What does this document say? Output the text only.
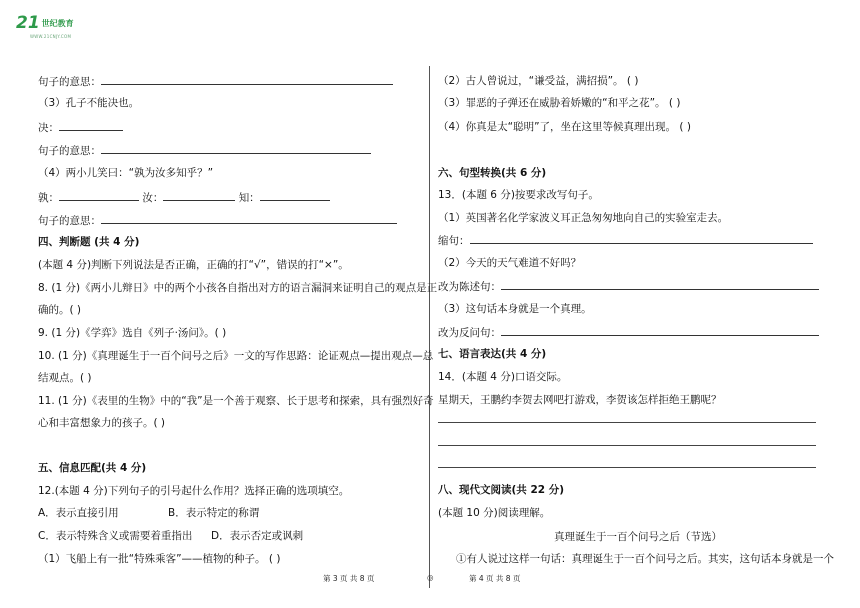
21 世纪教育
WWW.21CNJY.COM
句子的意思：
（3）孔子不能决也。
决：
句子的意思：
（4）两小儿笑曰：“孰为汝多知乎？”
孰：	汝：	知：
句子的意思：
四、判断题 (共 4 分)
(本题 4 分)判断下列说法是否正确，正确的打“√”，错误的打“×”。
8. (1 分)《两小儿辩日》中的两个小孩各自指出对方的语言漏洞来证明自己的观点是正
确的。( )
9. (1 分)《学弈》选自《列子·汤问》。( )
10. (1 分)《真理诞生于一百个问号之后》一文的写作思路：论证观点—提出观点—总
结观点。( )
11. (1 分)《表里的生物》中的“我”是一个善于观察、长于思考和探索，具有强烈好奇
心和丰富想象力的孩子。( )
五、信息匹配(共 4 分)
12.(本题 4 分)下列句子的引号起什么作用？选择正确的选项填空。
A．表示直接引用	B．表示特定的称谓
C．表示特殊含义或需要着重指出 D．表示否定或讽刺
（1）飞船上有一批“特殊乘客”——植物的种子。 ( )
（2）古人曾说过，“谦受益，满招损”。 ( )
（3）罪恶的子弹还在威胁着娇嫩的“和平之花”。 ( )
（4）你真是太“聪明”了，坐在这里等候真理出现。 ( )
六、句型转换(共 6 分)
13．(本题 6 分)按要求改写句子。
（1）英国著名化学家波义耳正急匆匆地向自己的实验室走去。
缩句：
（2）今天的天气难道不好吗？
改为陈述句：
（3）这句话本身就是一个真理。
改为反问句：
七、语言表达(共 4 分)
14．(本题 4 分)口语交际。
星期天，王鹏约李贺去网吧打游戏，李贺该怎样拒绝王鹏呢？
八、现代文阅读(共 22 分)
(本题 10 分)阅读理解。
真理诞生于一百个问号之后（节选）
①有人说过这样一句话：真理诞生于一百个问号之后。其实，这句话本身就是一个
第 3 页 共 8 页	◎	第 4 页 共 8 页
